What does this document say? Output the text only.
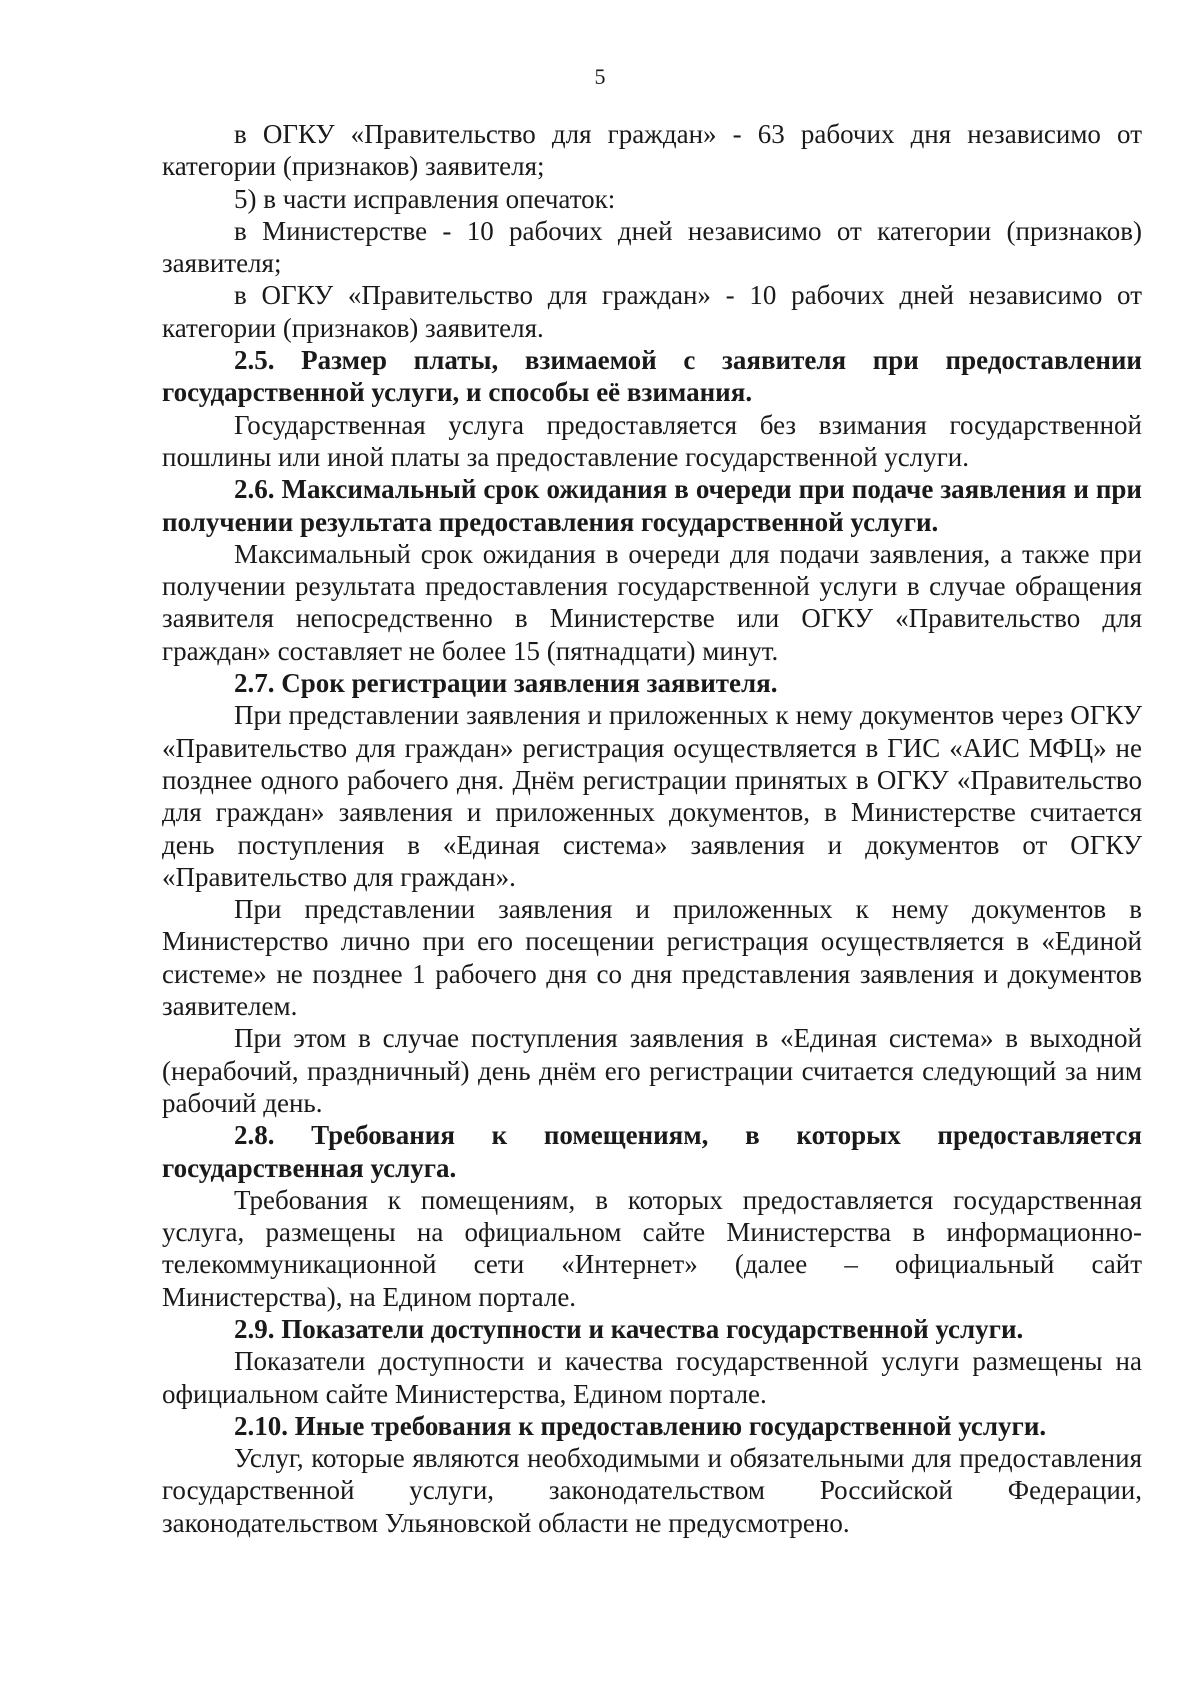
5

в ОГКУ «Правительство для граждан» - 63 рабочих дня независимо от категории (признаков) заявителя;

5) в части исправления опечаток:

в Министерстве - 10 рабочих дней независимо от категории (признаков) заявителя;

в ОГКУ «Правительство для граждан» - 10 рабочих дней независимо от категории (признаков) заявителя.

2.5. Размер платы, взимаемой с заявителя при предоставлении государственной услуги, и способы её взимания.

Государственная услуга предоставляется без взимания государственной пошлины или иной платы за предоставление государственной услуги.

2.6. Максимальный срок ожидания в очереди при подаче заявления и при получении результата предоставления государственной услуги.

Максимальный срок ожидания в очереди для подачи заявления, а также при получении результата предоставления государственной услуги в случае обращения заявителя непосредственно в Министерстве или ОГКУ «Правительство для граждан» составляет не более 15 (пятнадцати) минут.

2.7. Срок регистрации заявления заявителя.

При представлении заявления и приложенных к нему документов через ОГКУ «Правительство для граждан» регистрация осуществляется в ГИС «АИС МФЦ» не позднее одного рабочего дня. Днём регистрации принятых в ОГКУ «Правительство для граждан» заявления и приложенных документов, в Министерстве считается день поступления в «Единая система» заявления и документов от ОГКУ «Правительство для граждан».

При представлении заявления и приложенных к нему документов в Министерство лично при его посещении регистрация осуществляется в «Единой системе» не позднее 1 рабочего дня со дня представления заявления и документов заявителем.

При этом в случае поступления заявления в «Единая система» в выходной (нерабочий, праздничный) день днём его регистрации считается следующий за ним рабочий день.

2.8. Требования к помещениям, в которых предоставляется государственная услуга.

Требования к помещениям, в которых предоставляется государственная услуга, размещены на официальном сайте Министерства в информационно-телекоммуникационной сети «Интернет» (далее – официальный сайт Министерства), на Едином портале.

2.9. Показатели доступности и качества государственной услуги.

Показатели доступности и качества государственной услуги размещены на официальном сайте Министерства, Едином портале.

2.10. Иные требования к предоставлению государственной услуги.

Услуг, которые являются необходимыми и обязательными для предоставления государственной услуги, законодательством Российской Федерации, законодательством Ульяновской области не предусмотрено.
